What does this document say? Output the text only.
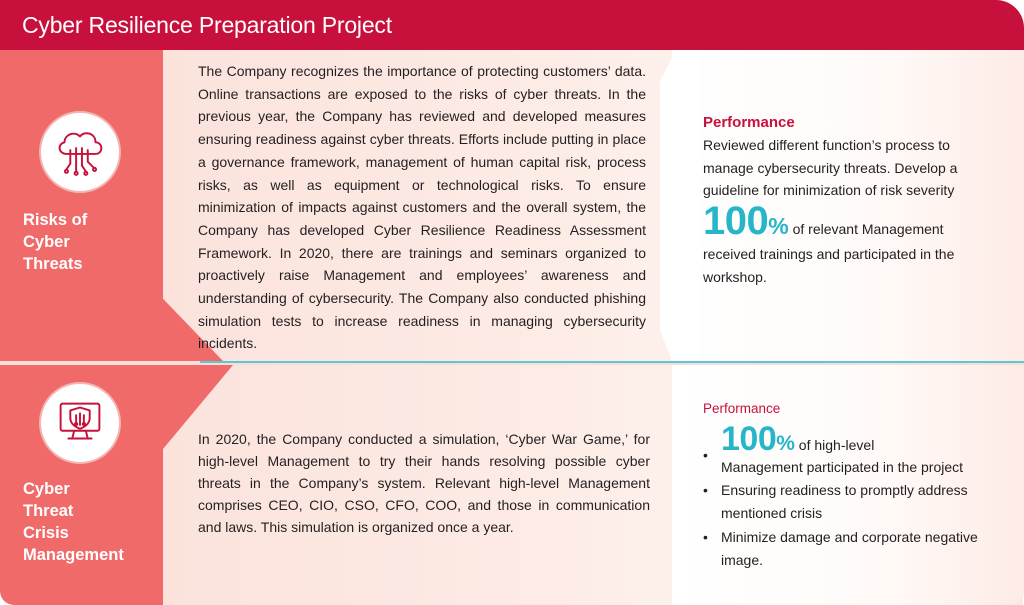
Cyber Resilience Preparation Project
Risks of
Cyber
Threats
The Company recognizes the importance of protecting customers’ data. Online transactions are exposed to the risks of cyber threats. In the previous year, the Company has reviewed and developed measures ensuring readiness against cyber threats. Efforts include putting in place a governance framework, management of human capital risk, process risks, as well as equipment or technological risks. To ensure minimization of impacts against customers and the overall system, the Company has developed Cyber Resilience Readiness Assessment Framework. In 2020, there are trainings and seminars organized to proactively raise Management and employees’ awareness and understanding of cybersecurity. The Company also conducted phishing simulation tests to increase readiness in managing cybersecurity incidents.
Performance
Reviewed different function’s process to manage cybersecurity threats. Develop a guideline for minimization of risk severity
100% of relevant Management
received trainings and participated in the workshop.
Cyber
Threat
Crisis
Management
In 2020, the Company conducted a simulation, ‘Cyber War Game,’ for high-level Management to try their hands resolving possible cyber threats in the Company’s system. Relevant high-level Management comprises CEO, CIO, CSO, CFO, COO, and those in communication and laws. This simulation is organized once a year.
Performance
• 100% of high-level
Management participated in the project
• Ensuring readiness to promptly address mentioned crisis
• Minimize damage and corporate negative image.
